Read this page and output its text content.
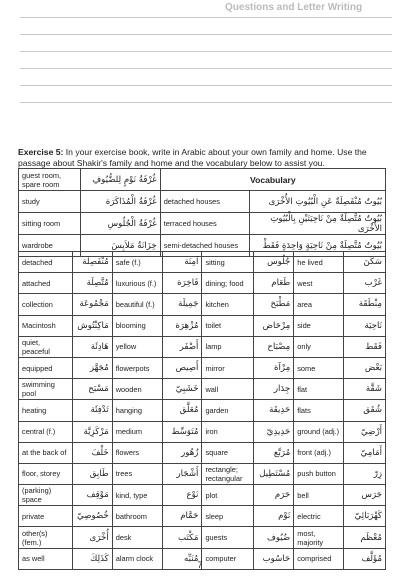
Questions and Letter Writing
Exercise 5: In your exercise book, write in Arabic about your own family and home. Use the passage about Shakir's family and home and the vocabulary below to assist you.
guest room, spare room	غُرْفَةُ نَوْمٍ لِلضُّيُوفِ	Vocabulary	
study	غُرْفَةُ الْمُذَاكَرَة	detached houses	بُيُوتٌ مُنْفَصِلَةٌ عَنِ الْبُيُوتِ الأُخْرَى
sitting room	غُرْفَةُ الْجُلُوسِ	terraced houses	بُيُوتٌ مُتَّصِلَةٌ مِنْ نَاحِيَتَيْنِ بِالْبُيُوتِ الأُخْرَى
wardrobe	خِزَانَةُ مَلاَبِسَ	semi-detached houses	بُيُوتٌ مُتَّصِلَةٌ مِنْ نَاحِيَةٍ وَاحِدَةٍ فَقَطْ
detached	مُنْفَصِلَة	safe (f.)	آمِنَة	sitting	جُلُوس	he lived	سَكَنَ
attached	مُتَّصِلَة	luxurious (f.)	فَاخِرَة	dining; food	طَعَام	west	غَرْب
collection	مَجْمُوعَة	beautiful (f.)	جَمِيلَة	kitchen	مَطْبَخ	area	مِنْطَقَة
Macintosh	مَاكِنْتُوش	blooming	مُزْهِرَة	toilet	مِرْحَاض	side	نَاحِيَة
quiet, peaceful	هَادِئَة	yellow	أَصْفَر	lamp	مِصْبَاح	only	فَقَط
equipped	مُجَهَّز	flowerpots	أَصِيص	mirror	مِرْآة	some	بَعْض
swimming pool	مَسْبَح	wooden	خَشَبِيّ	wall	جِدَار	flat	شَقَّة
heating	تَدْفِئَة	hanging	مُعَلَّق	garden	حَدِيقَة	flats	شُقَق
central (f.)	مَرْكَزِيَّة	medium	مُتَوَسِّط	iron	حَدِيدِيّ	ground (adj.)	أَرْضِيّ
at the back of	خَلْفَ	flowers	زُهُور	square	مُرَبَّع	front (adj.)	أَمَامِيّ
floor, storey	طَابِق	trees	أَشْجَار	rectangle; rectangular	مُسْتَطِيل	push button	زِرّ
(parking) space	مَوْقِف	kind, type	نَوْع	plot	حَرَم	bell	جَرَس
private	خُصُوصِيّ	bathroom	حَمَّام	sleep	نَوْم	electric	كَهْرَبَائِيّ
other(s) (fem.)	أُخْرَى	desk	مَكْتَب	guests	ضُيُوف	most, majority	مُعْظَم
as well	كَذَلِكَ	alarm clock	مُنَبِّه	computer	حَاسُوب	comprised	مُؤَلَّف
7
